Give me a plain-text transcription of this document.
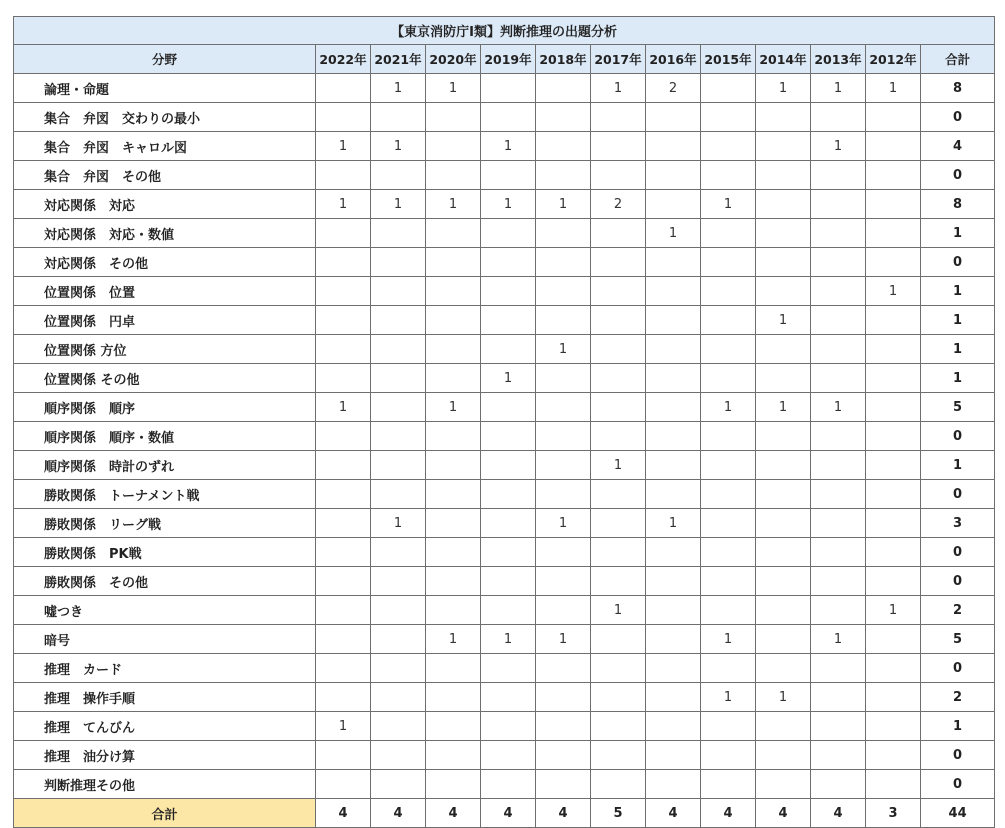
【東京消防庁Ⅰ類】判断推理の出題分析												
分野	2022年	2021年	2020年	2019年	2018年	2017年	2016年	2015年	2014年	2013年	2012年	合計
論理・命題		1	1			1	2		1	1	1	8
集合　弁図　交わりの最小												0
集合　弁図　キャロル図	1	1		1						1		4
集合　弁図　その他												0
対応関係　対応	1	1	1	1	1	2		1				8
対応関係　対応・数値							1					1
対応関係　その他												0
位置関係　位置											1	1
位置関係　円卓									1			1
位置関係 方位					1							1
位置関係 その他				1								1
順序関係　順序	1		1					1	1	1		5
順序関係　順序・数値												0
順序関係　時計のずれ						1						1
勝敗関係　トーナメント戦												0
勝敗関係　リーグ戦		1			1		1					3
勝敗関係　PK戦												0
勝敗関係　その他												0
嘘つき						1					1	2
暗号			1	1	1			1		1		5
推理　カード												0
推理　操作手順								1	1			2
推理　てんびん	1											1
推理　油分け算												0
判断推理その他												0
合計	4	4	4	4	4	5	4	4	4	4	3	44
